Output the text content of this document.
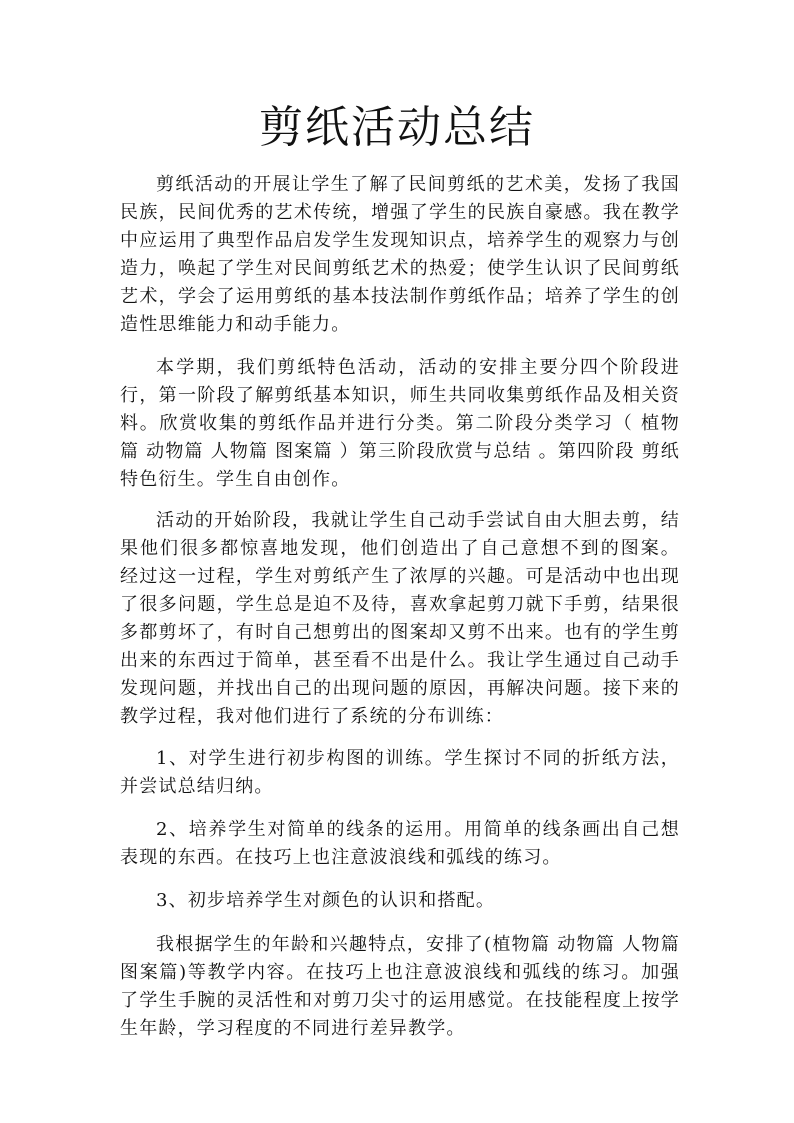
剪纸活动总结

剪纸活动的开展让学生了解了民间剪纸的艺术美，发扬了我国民族，民间优秀的艺术传统，增强了学生的民族自豪感。我在教学中应运用了典型作品启发学生发现知识点，培养学生的观察力与创造力，唤起了学生对民间剪纸艺术的热爱；使学生认识了民间剪纸艺术，学会了运用剪纸的基本技法制作剪纸作品；培养了学生的创造性思维能力和动手能力。

本学期，我们剪纸特色活动，活动的安排主要分四个阶段进行，第一阶段了解剪纸基本知识，师生共同收集剪纸作品及相关资料。欣赏收集的剪纸作品并进行分类。第二阶段分类学习（ 植物篇 动物篇 人物篇 图案篇 ）第三阶段欣赏与总结 。第四阶段 剪纸特色衍生。学生自由创作。

活动的开始阶段，我就让学生自己动手尝试自由大胆去剪，结果他们很多都惊喜地发现，他们创造出了自己意想不到的图案。 经过这一过程，学生对剪纸产生了浓厚的兴趣。可是活动中也出现了很多问题，学生总是迫不及待，喜欢拿起剪刀就下手剪，结果很多都剪坏了，有时自己想剪出的图案却又剪不出来。也有的学生剪出来的东西过于简单，甚至看不出是什么。我让学生通过自己动手发现问题，并找出自己的出现问题的原因，再解决问题。接下来的教学过程，我对他们进行了系统的分布训练：

1、对学生进行初步构图的训练。学生探讨不同的折纸方法，并尝试总结归纳。

2、培养学生对简单的线条的运用。用简单的线条画出自己想表现的东西。在技巧上也注意波浪线和弧线的练习。

3、初步培养学生对颜色的认识和搭配。

我根据学生的年龄和兴趣特点，安排了(植物篇 动物篇 人物篇 图案篇)等教学内容。在技巧上也注意波浪线和弧线的练习。加强了学生手腕的灵活性和对剪刀尖寸的运用感觉。在技能程度上按学生年龄，学习程度的不同进行差异教学。
